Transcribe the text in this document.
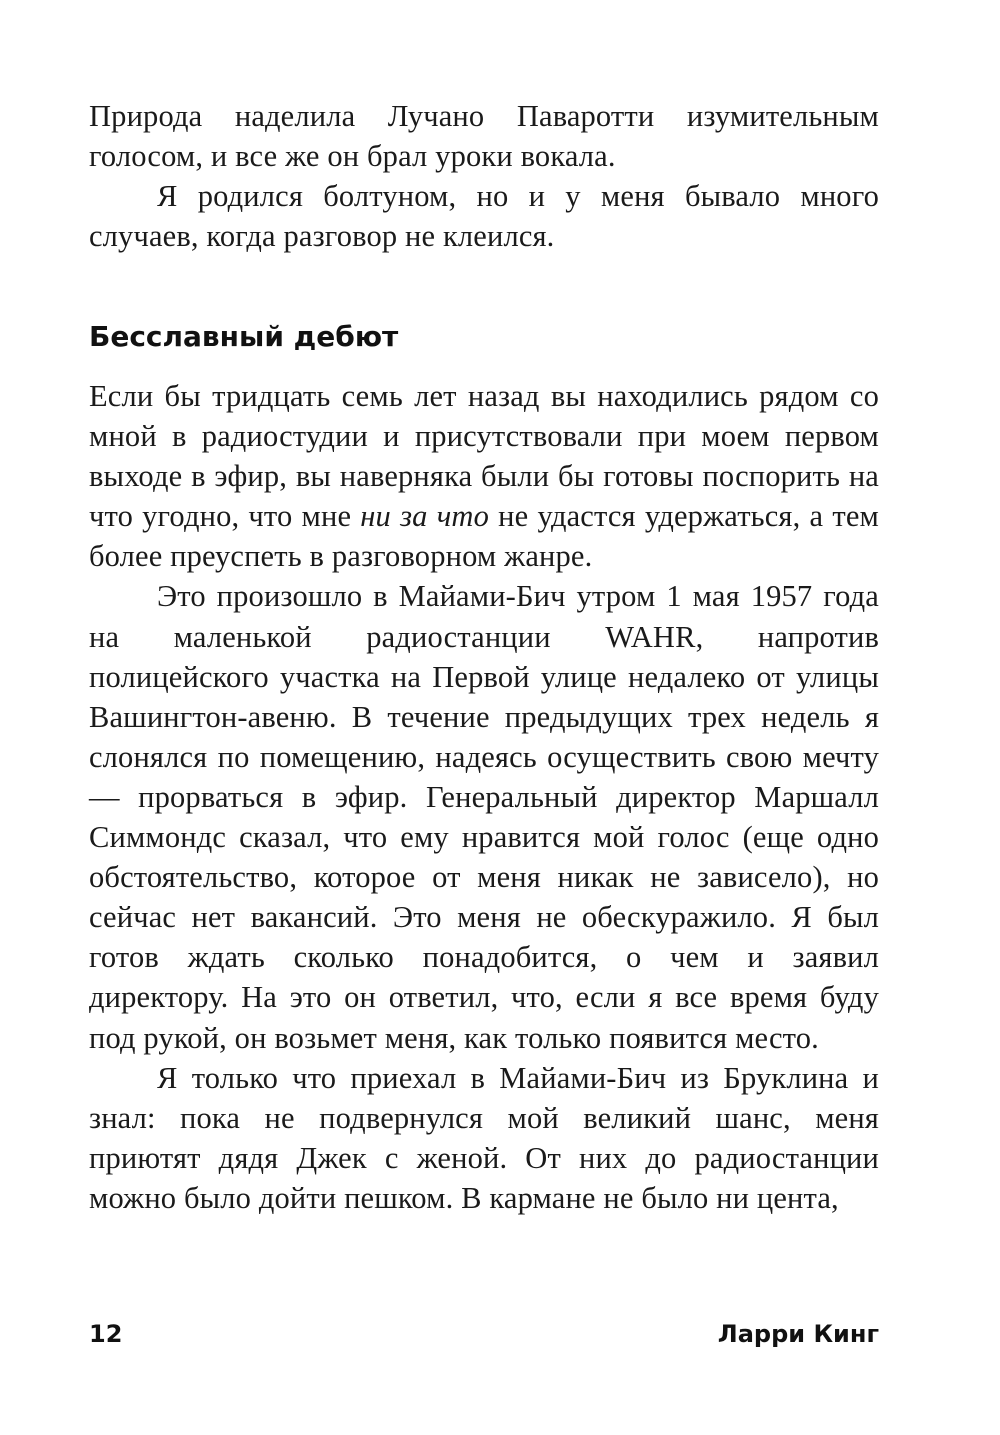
Природа наделила Лучано Паваротти изумительным голосом, и все же он брал уроки вокала.

Я родился болтуном, но и у меня бывало много случаев, когда разговор не клеился.

Бесславный дебют

Если бы тридцать семь лет назад вы находились рядом со мной в радиостудии и присутствовали при моем первом выходе в эфир, вы наверняка были бы готовы поспорить на что угодно, что мне ни за что не удастся удержаться, а тем более преуспеть в разговорном жанре.

Это произошло в Майами-Бич утром 1 мая 1957 года на маленькой радиостанции WAHR, напротив полицейского участка на Первой улице недалеко от улицы Вашингтон-авеню. В течение предыдущих трех недель я слонялся по помещению, надеясь осуществить свою мечту — прорваться в эфир. Генеральный директор Маршалл Симмондс сказал, что ему нравится мой голос (еще одно обстоятельство, которое от меня никак не зависело), но сейчас нет вакансий. Это меня не обескуражило. Я был готов ждать сколько понадобится, о чем и заявил директору. На это он ответил, что, если я все время буду под рукой, он возьмет меня, как только появится место.

Я только что приехал в Майами-Бич из Бруклина и знал: пока не подвернулся мой великий шанс, меня приютят дядя Джек с женой. От них до радиостанции можно было дойти пешком. В кармане не было ни цента,

12	Ларри Кинг
